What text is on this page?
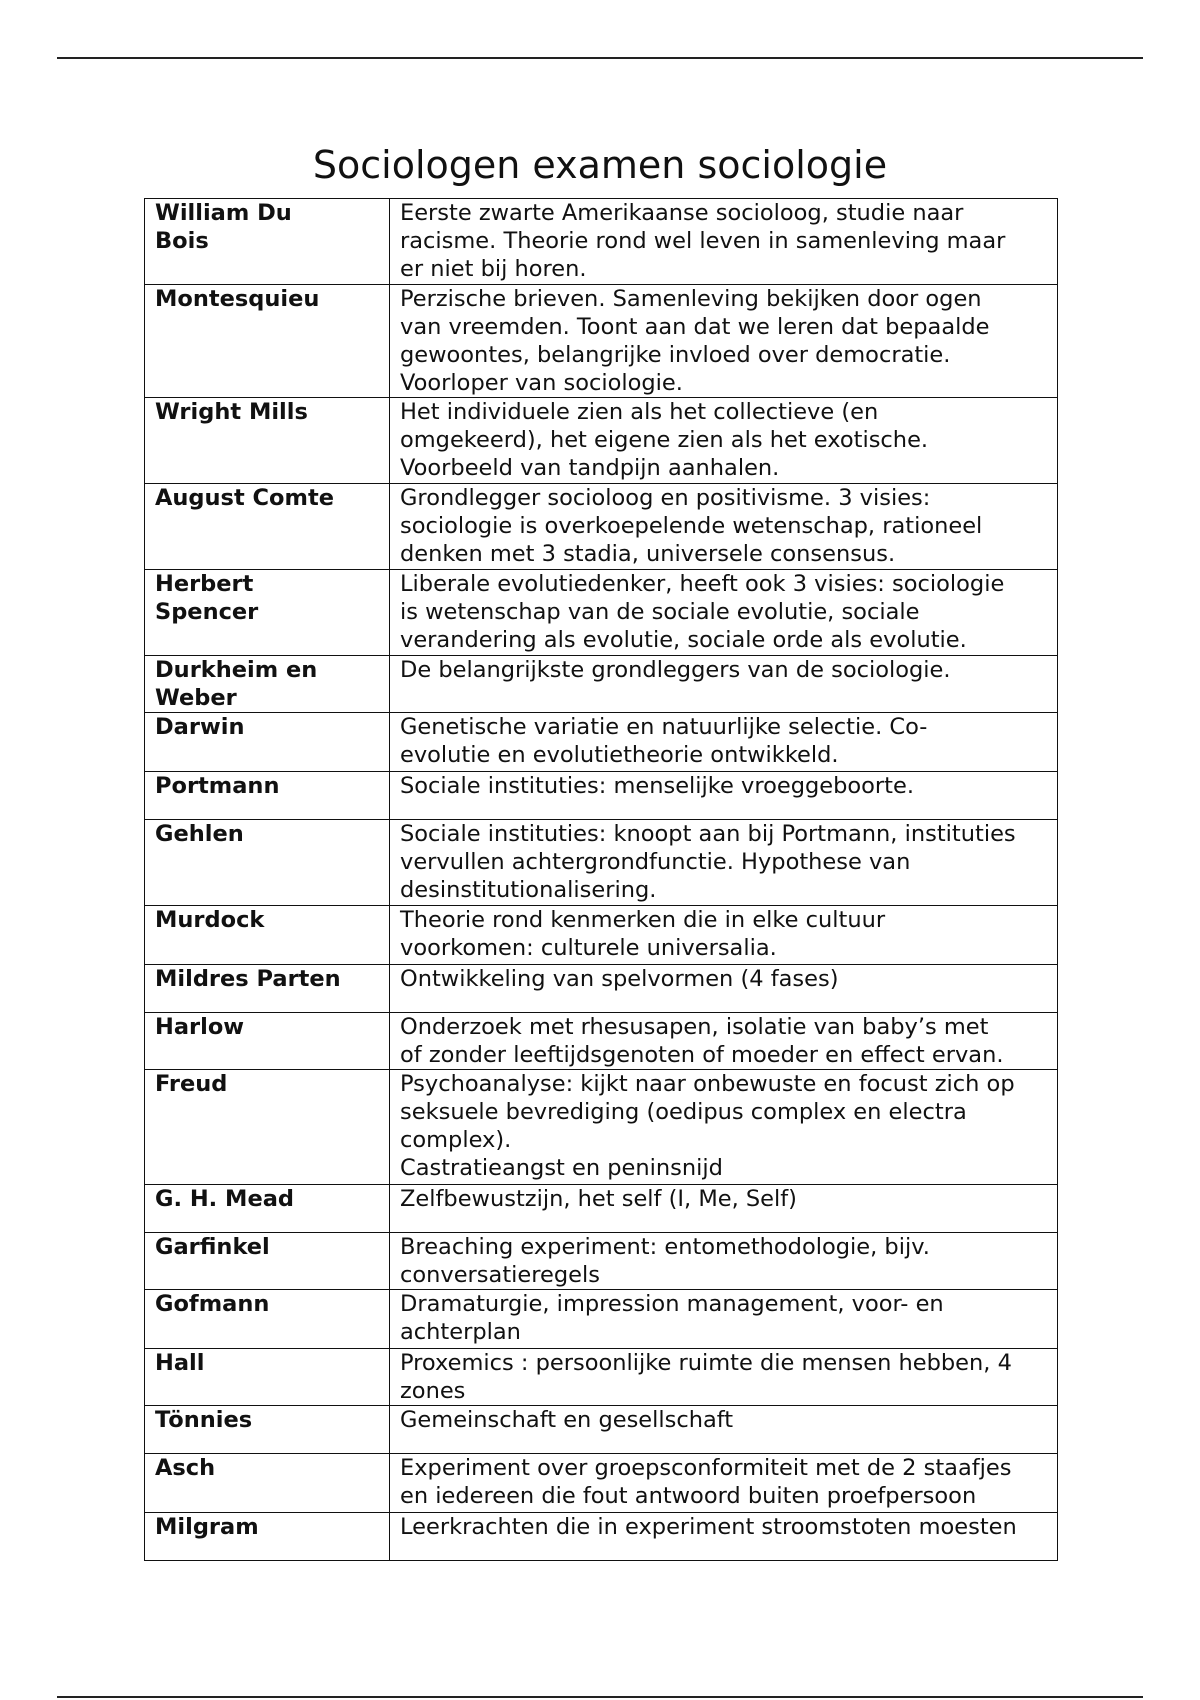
Sociologen examen sociologie
William Du
Bois	Eerste zwarte Amerikaanse socioloog, studie naar
racisme. Theorie rond wel leven in samenleving maar
er niet bij horen.

Montesquieu	Perzische brieven. Samenleving bekijken door ogen
van vreemden. Toont aan dat we leren dat bepaalde
gewoontes, belangrijke invloed over democratie.
Voorloper van sociologie.

Wright Mills	Het individuele zien als het collectieve (en
omgekeerd), het eigene zien als het exotische.
Voorbeeld van tandpijn aanhalen.

August Comte	Grondlegger socioloog en positivisme. 3 visies:
sociologie is overkoepelende wetenschap, rationeel
denken met 3 stadia, universele consensus.

Herbert
Spencer	Liberale evolutiedenker, heeft ook 3 visies: sociologie
is wetenschap van de sociale evolutie, sociale
verandering als evolutie, sociale orde als evolutie.

Durkheim en
Weber	De belangrijkste grondleggers van de sociologie.

Darwin	Genetische variatie en natuurlijke selectie. Co-
evolutie en evolutietheorie ontwikkeld.

Portmann	Sociale instituties: menselijke vroeggeboorte.

Gehlen	Sociale instituties: knoopt aan bij Portmann, instituties
vervullen achtergrondfunctie. Hypothese van
desinstitutionalisering.

Murdock	Theorie rond kenmerken die in elke cultuur
voorkomen: culturele universalia.

Mildres Parten	Ontwikkeling van spelvormen (4 fases)

Harlow	Onderzoek met rhesusapen, isolatie van baby’s met
of zonder leeftijdsgenoten of moeder en effect ervan.

Freud	Psychoanalyse: kijkt naar onbewuste en focust zich op
seksuele bevrediging (oedipus complex en electra
complex).
Castratieangst en peninsnijd

G. H. Mead	Zelfbewustzijn, het self (I, Me, Self)

Garfinkel	Breaching experiment: entomethodologie, bijv.
conversatieregels

Gofmann	Dramaturgie, impression management, voor- en
achterplan

Hall	Proxemics : persoonlijke ruimte die mensen hebben, 4
zones

Tönnies	Gemeinschaft en gesellschaft

Asch	Experiment over groepsconformiteit met de 2 staafjes
en iedereen die fout antwoord buiten proefpersoon

Milgram	Leerkrachten die in experiment stroomstoten moesten
